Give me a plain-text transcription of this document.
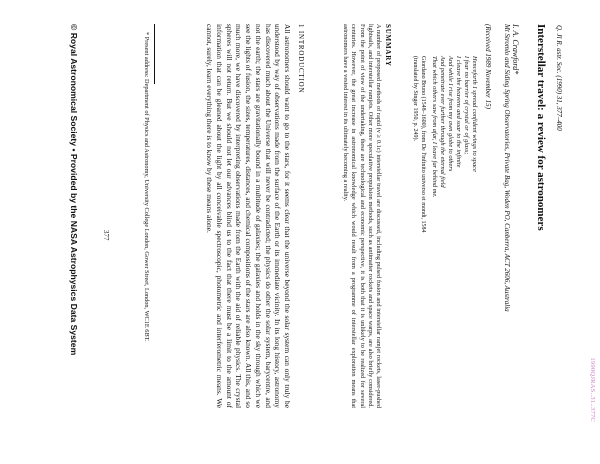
1990QJRAS..31..377C
Q. Jl R. astr. Soc. (1990) 31, 377–400
Interstellar travel: a review for astronomers
I. A. Crawford*
Mt Stromlo and Siding Spring Observatories, Private Bag, Woden PO, Canberra, ACT 2606, Australia
(Received 1989 November 15)
Henceforth I spread confident wings to space
I fear no barrier of crystal or of glass;
I cleave the heavens and soar to the infinite
And while I rise from my own globe to others
And penetrate ever further through the eternal field
That which others saw from afar, I leave far behind me.
Giordano Bruno (1548–1600), from De l'infinito universo et mondi, 1584
(translated by Singer 1950, p. 249).
SUMMARY
A number of proposed methods of rapid (v ≥ 0.1c) interstellar travel are discussed, including pulsed fusion and interstellar ramjet rockets, laser-pushed lightsails, and interstellar ramjets. Other more speculative propulsion methods, such as antimatter rockets and space warps, are also briefly considered. From the point of view of the undertaking, these are technological and economic perspective, it is both that it is unlikely to be realized for several centuries. However, the great increase in astronomical knowledge which would result from a programme of interstellar exploration means that astronomers have a vested interest in its ultimately becoming a reality.
1 INTRODUCTION
All astronomers should want to go to the stars, for it seems clear that the universe beyond the solar system can only truly be understood by way of observations made from the surface of the Earth or its immediate vicinity. In its long history, astronomy has discovered much about the Universe that will never be contradicted; the physics do other the solar system, barycentre, and not the earth; the stars are gravitationally bound in a multitude of galaxies; the galaxies and holds in the sky through which we see the lights of fusion, the sizes, temperatures, distances, and chemical compositions of the stars are also known. All this, and so much more, we have discovered by interpreting observations made from the Earth with the aid of reliable physics. The crystal spheres will not return. But we should not let our advances blind us to the fact that there must be a limit to the amount of information that can be gleaned about the light by all conceivable spectroscopic, photometric and interferometric means. We cannot, surely, learn everything there is to know by these means alone.
* Present address: Department of Physics and Astronomy, University College London, Gower Street, London, WC1E 6BT.
377
© Royal Astronomical Society • Provided by the NASA Astrophysics Data System
